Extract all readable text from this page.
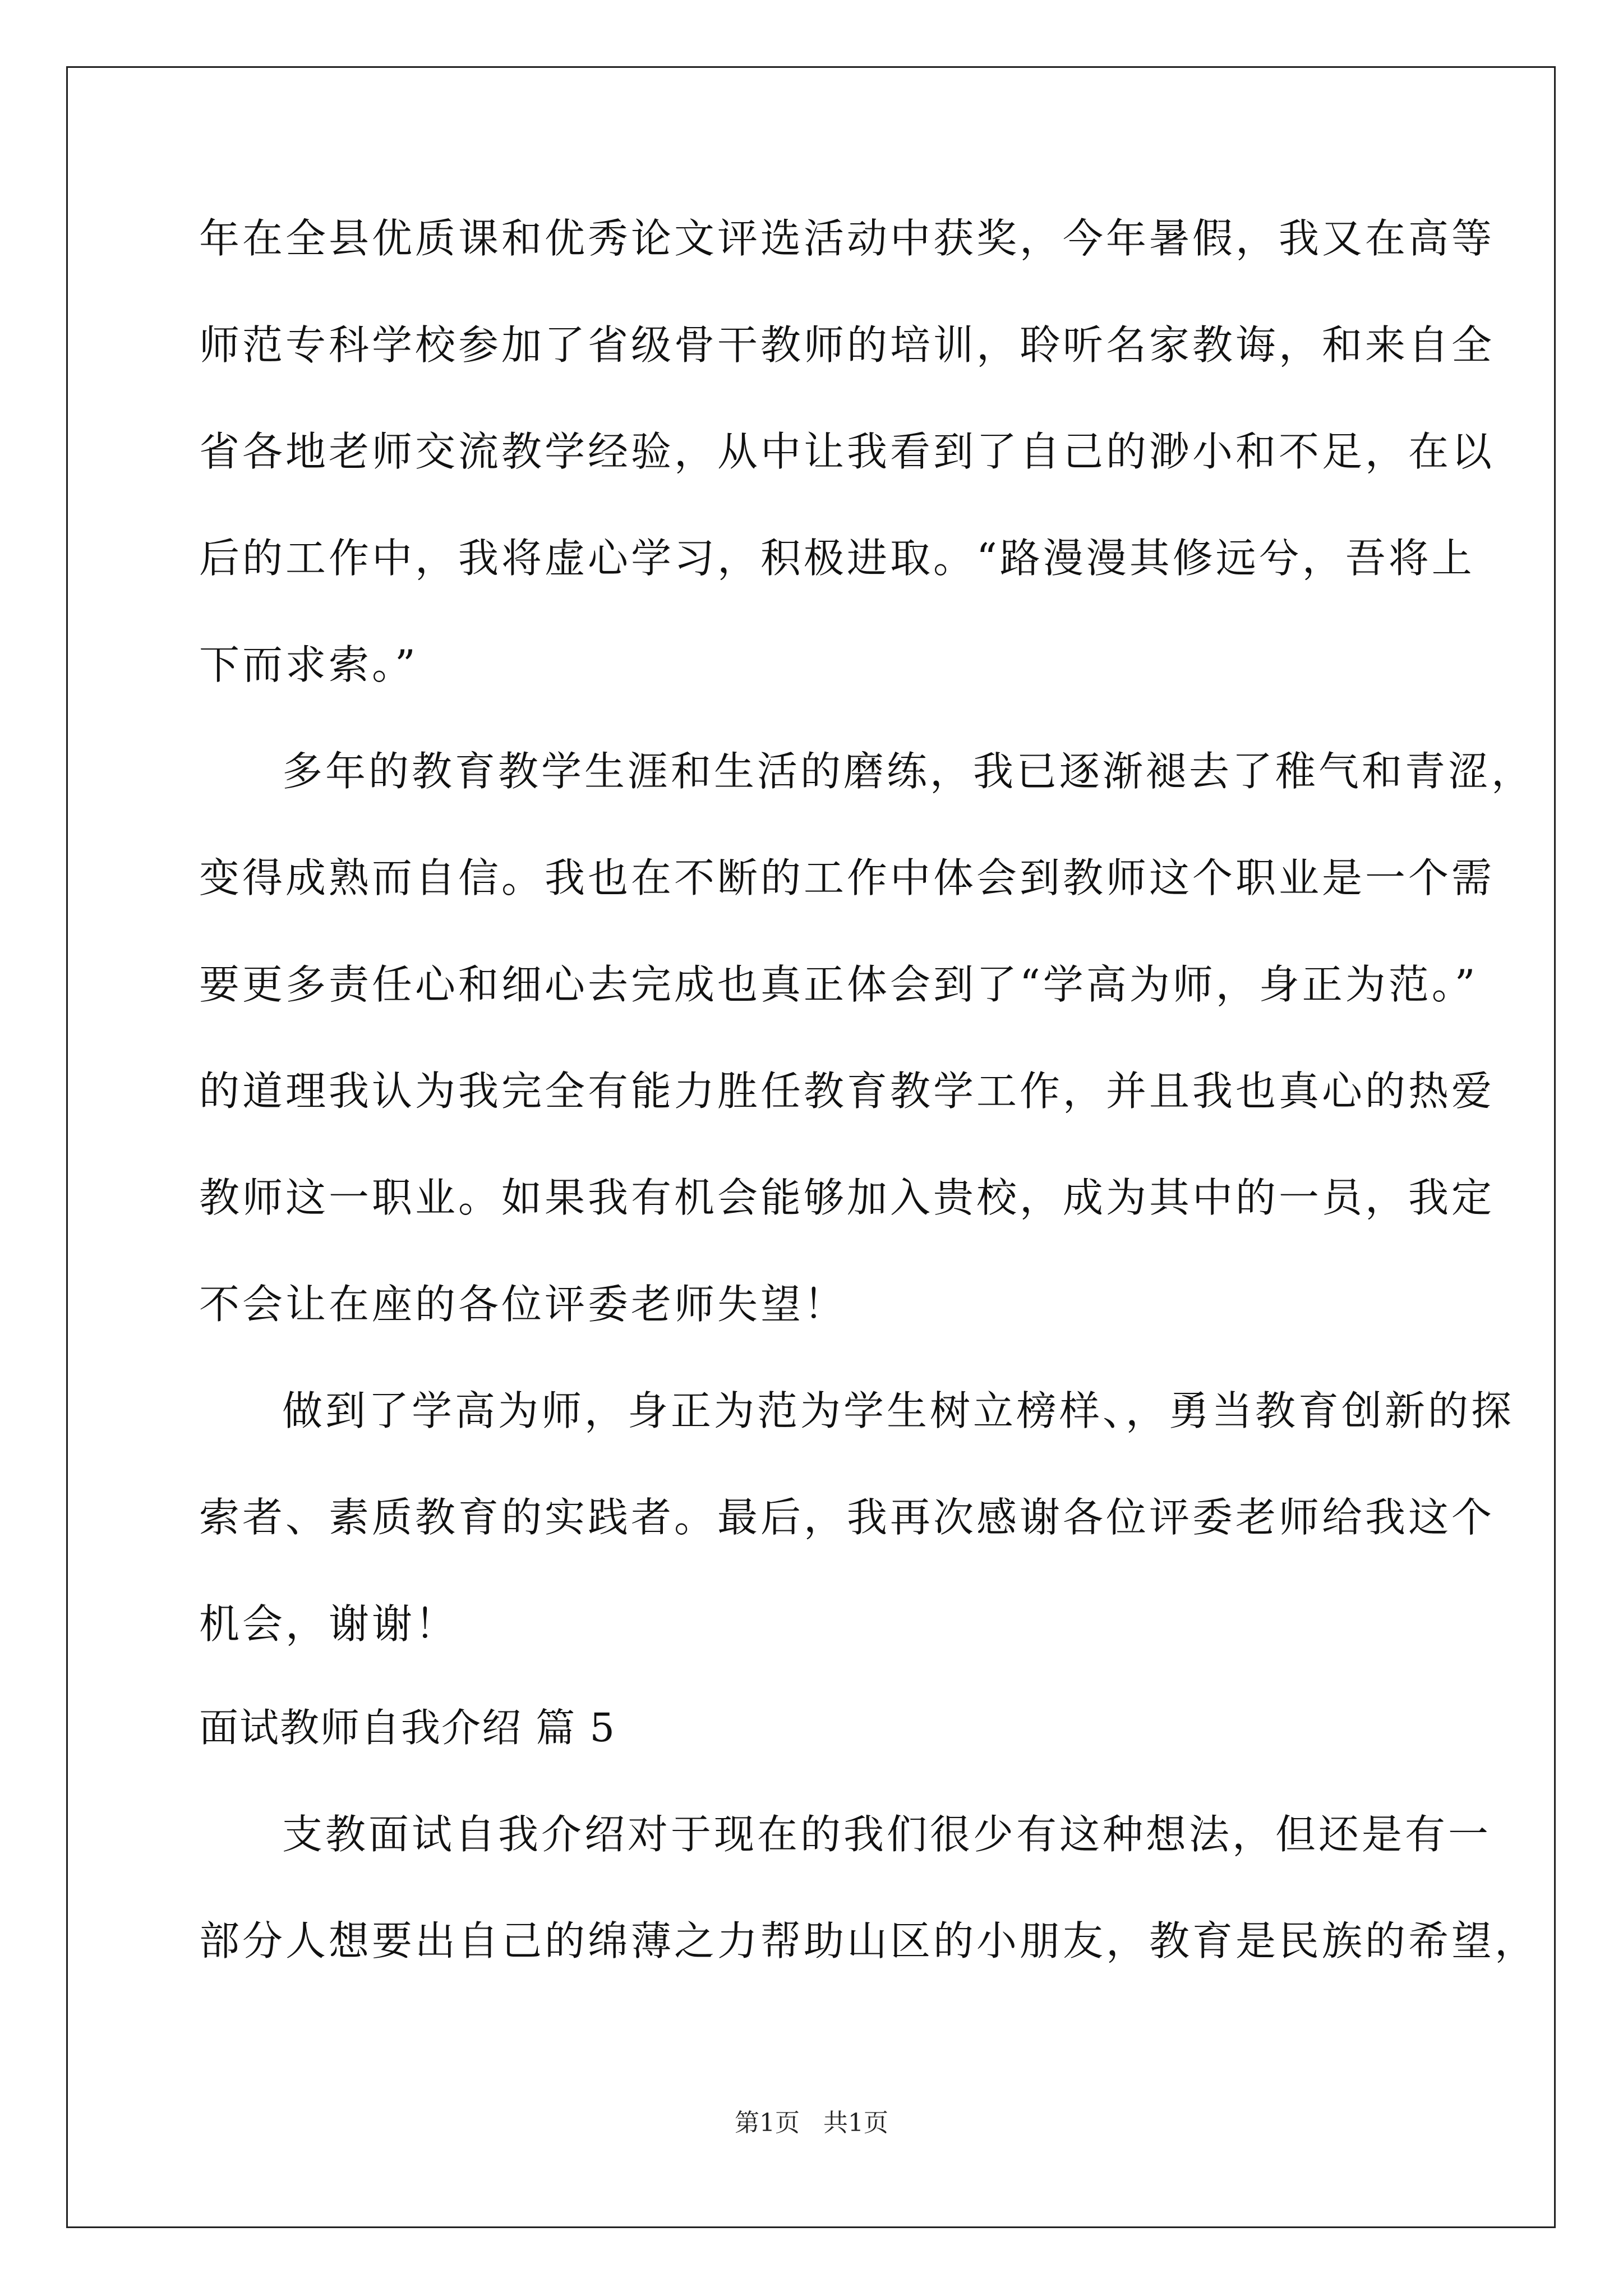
年在全县优质课和优秀论文评选活动中获奖，今年暑假，我又在高等
师范专科学校参加了省级骨干教师的培训，聆听名家教诲，和来自全
省各地老师交流教学经验，从中让我看到了自己的渺小和不足，在以
后的工作中，我将虚心学习，积极进取。“路漫漫其修远兮，吾将上
下而求索。”
多年的教育教学生涯和生活的磨练，我已逐渐褪去了稚气和青涩，
变得成熟而自信。我也在不断的工作中体会到教师这个职业是一个需
要更多责任心和细心去完成也真正体会到了“学高为师，身正为范。”
的道理我认为我完全有能力胜任教育教学工作，并且我也真心的热爱
教师这一职业。如果我有机会能够加入贵校，成为其中的一员，我定
不会让在座的各位评委老师失望！
做到了学高为师，身正为范为学生树立榜样、，勇当教育创新的探
索者、素质教育的实践者。最后，我再次感谢各位评委老师给我这个
机会，谢谢！
面试教师自我介绍 篇 5
支教面试自我介绍对于现在的我们很少有这种想法，但还是有一
部分人想要出自己的绵薄之力帮助山区的小朋友，教育是民族的希望，
第1页 共1页
